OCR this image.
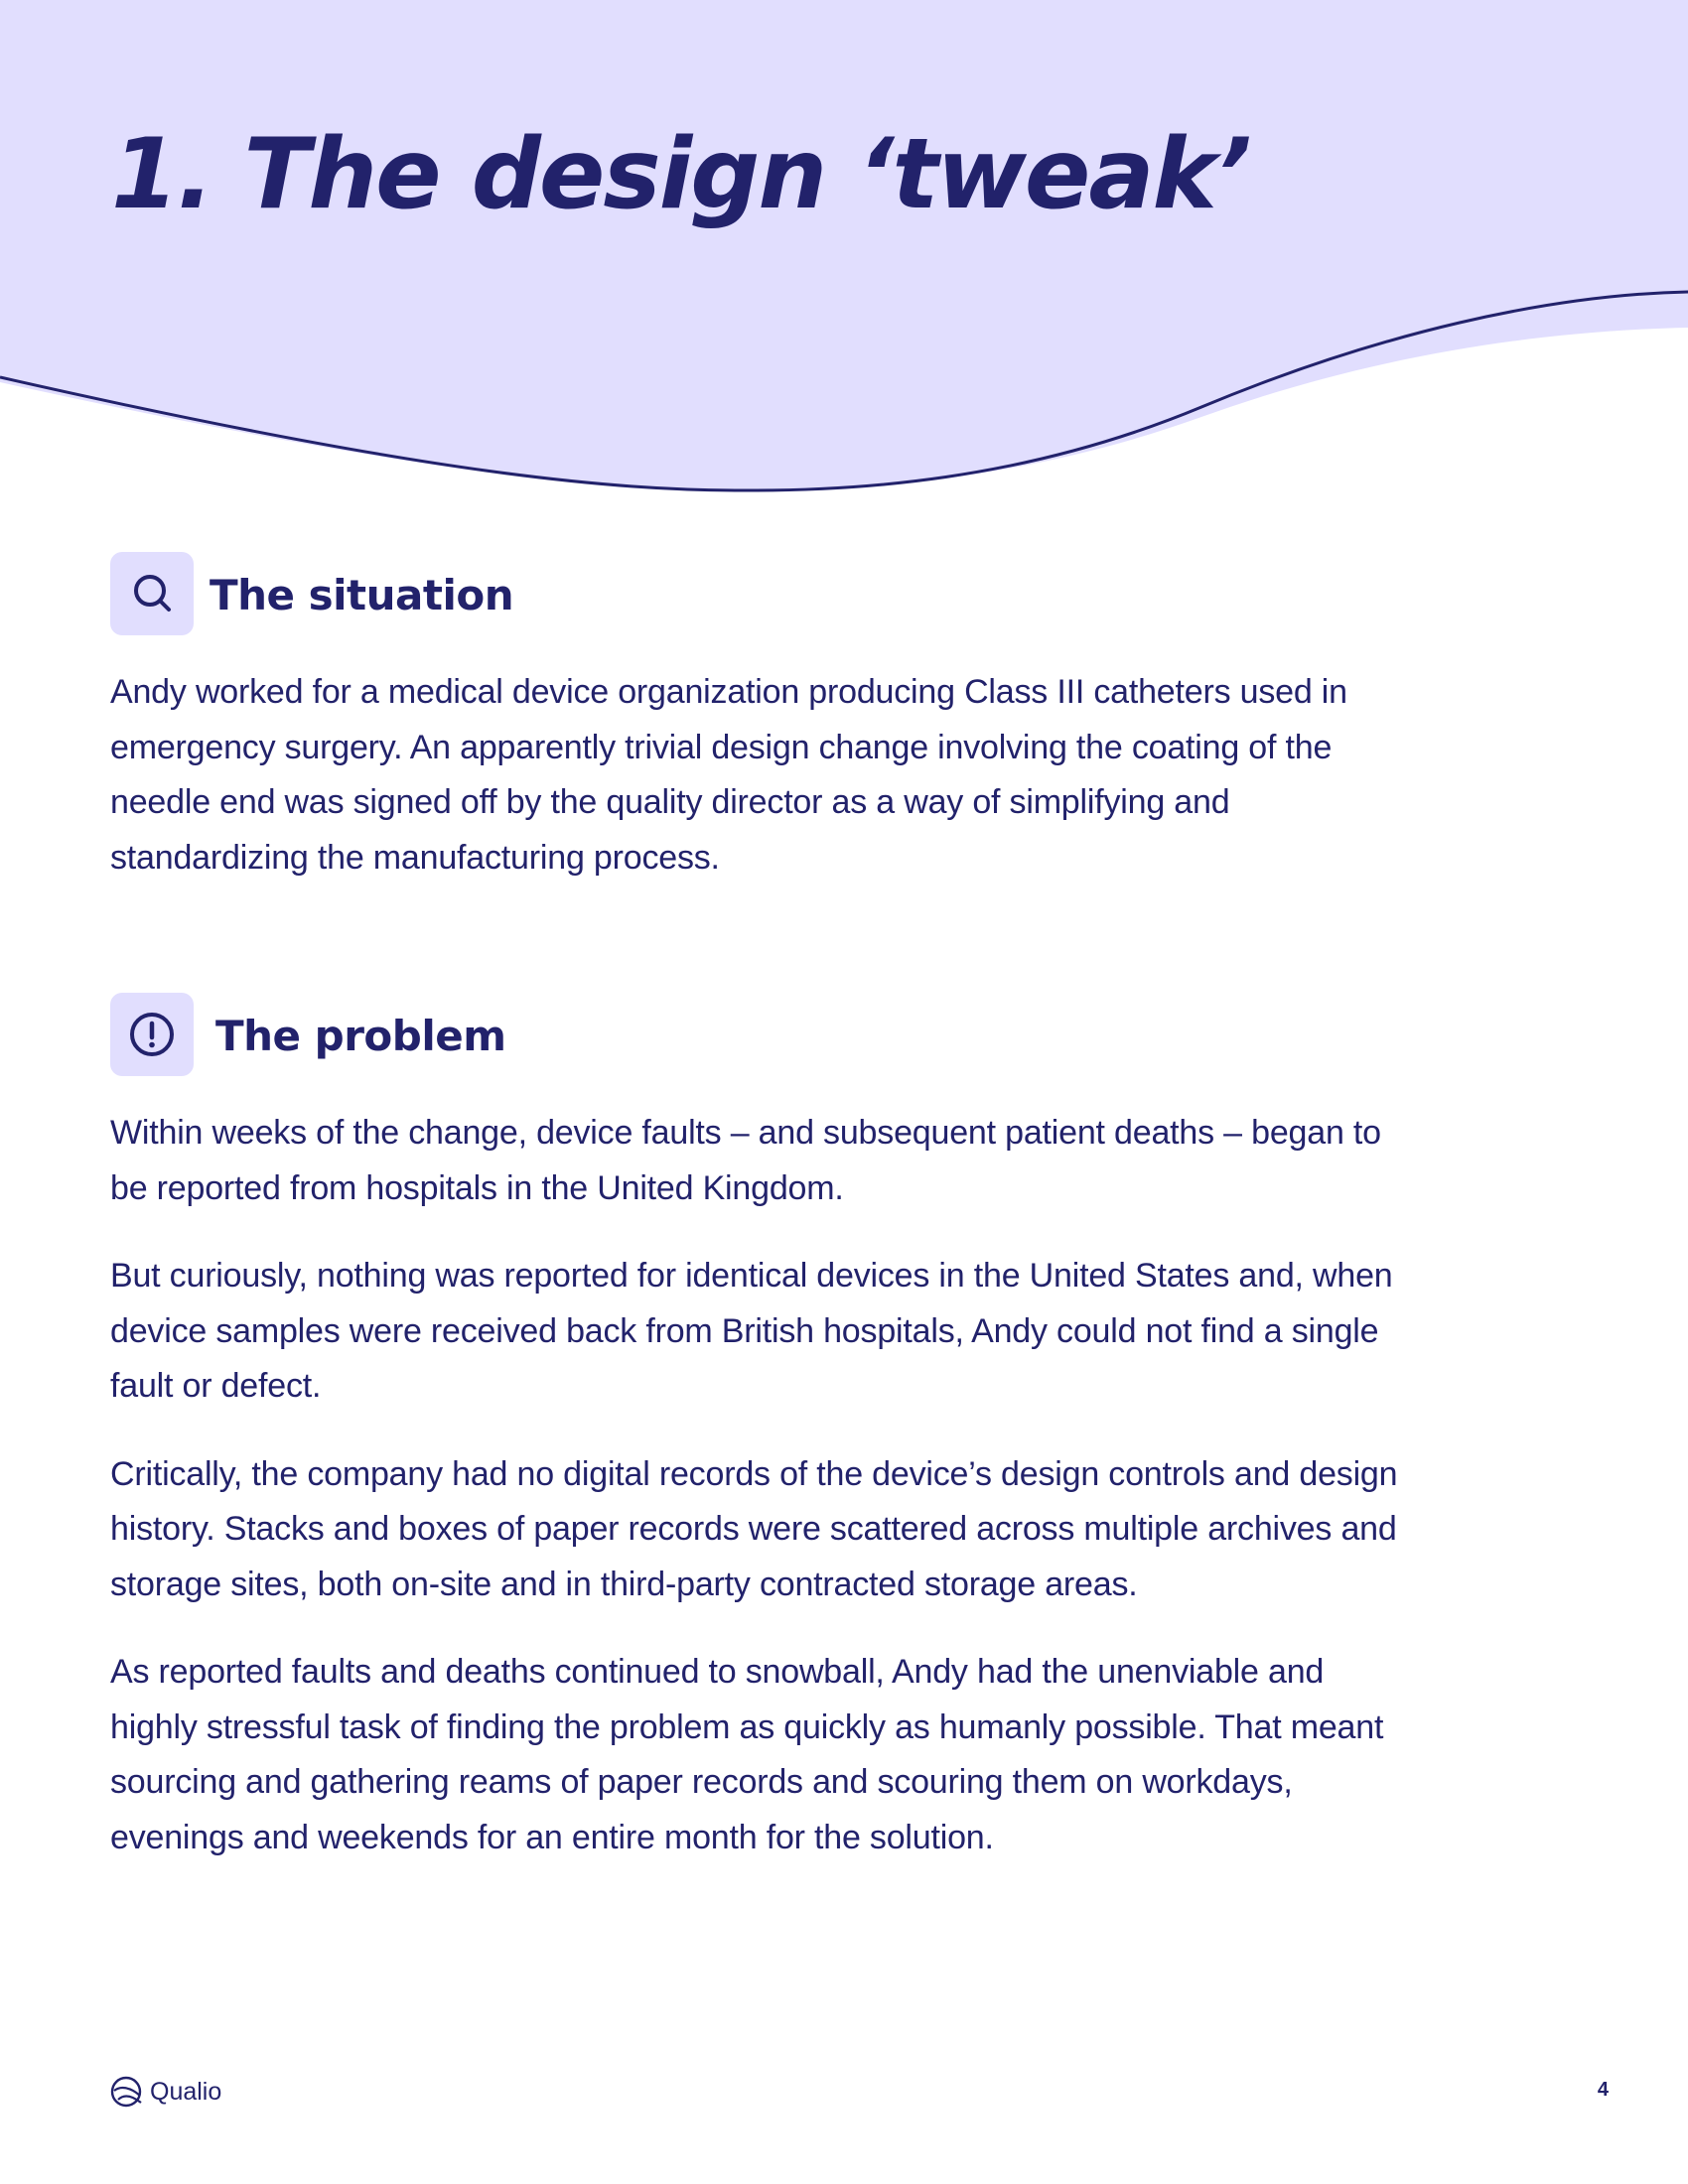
1. The design ‘tweak’
The situation

Andy worked for a medical device organization producing Class III catheters used in emergency surgery. An apparently trivial design change involving the coating of the needle end was signed off by the quality director as a way of simplifying and standardizing the manufacturing process.

The problem

Within weeks of the change, device faults – and subsequent patient deaths – began to be reported from hospitals in the United Kingdom.

But curiously, nothing was reported for identical devices in the United States and, when device samples were received back from British hospitals, Andy could not find a single fault or defect.

Critically, the company had no digital records of the device’s design controls and design history. Stacks and boxes of paper records were scattered across multiple archives and storage sites, both on-site and in third-party contracted storage areas.

As reported faults and deaths continued to snowball, Andy had the unenviable and highly stressful task of finding the problem as quickly as humanly possible. That meant sourcing and gathering reams of paper records and scouring them on workdays, evenings and weekends for an entire month for the solution.

Qualio	4
